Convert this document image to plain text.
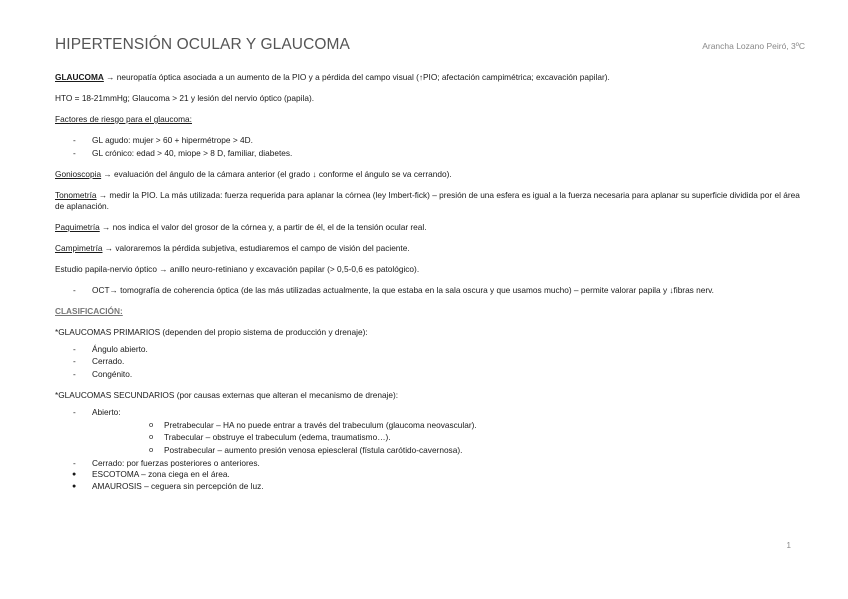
HIPERTENSIÓN OCULAR Y GLAUCOMA	Arancha Lozano Peiró, 3ºC

GLAUCOMA → neuropatía óptica asociada a un aumento de la PIO y a pérdida del campo visual (↑PIO; afectación campimétrica; excavación papilar).

HTO = 18-21mmHg; Glaucoma > 21 y lesión del nervio óptico (papila).

Factores de riesgo para el glaucoma:

- GL agudo: mujer > 60 + hipermétrope > 4D.
- GL crónico: edad > 40, miope > 8 D, familiar, diabetes.

Gonioscopia → evaluación del ángulo de la cámara anterior (el grado ↓ conforme el ángulo se va cerrando).

Tonometría → medir la PIO. La más utilizada: fuerza requerida para aplanar la córnea (ley Imbert-fick) – presión de una esfera es igual a la fuerza necesaria para aplanar su superficie dividida por el área de aplanación.

Paquimetría → nos indica el valor del grosor de la córnea y, a partir de él, el de la tensión ocular real.

Campimetría → valoraremos la pérdida subjetiva, estudiaremos el campo de visión del paciente.

Estudio papila-nervio óptico → anillo neuro-retiniano y excavación papilar (> 0,5-0,6 es patológico).

- OCT→ tomografía de coherencia óptica (de las más utilizadas actualmente, la que estaba en la sala oscura y que usamos mucho) – permite valorar papila y ↓fibras nerv.

CLASIFICACIÓN:

*GLAUCOMAS PRIMARIOS (dependen del propio sistema de producción y drenaje):

- Ángulo abierto.
- Cerrado.
- Congénito.

*GLAUCOMAS SECUNDARIOS (por causas externas que alteran el mecanismo de drenaje):

- Abierto:
o Pretrabecular – HA no puede entrar a través del trabeculum (glaucoma neovascular).
o Trabecular – obstruye el trabeculum (edema, traumatismo…).
o Postrabecular – aumento presión venosa epiescleral (fístula carótido-cavernosa).
- Cerrado: por fuerzas posteriores o anteriores.
● ESCOTOMA – zona ciega en el área.
● AMAUROSIS – ceguera sin percepción de luz.
1
